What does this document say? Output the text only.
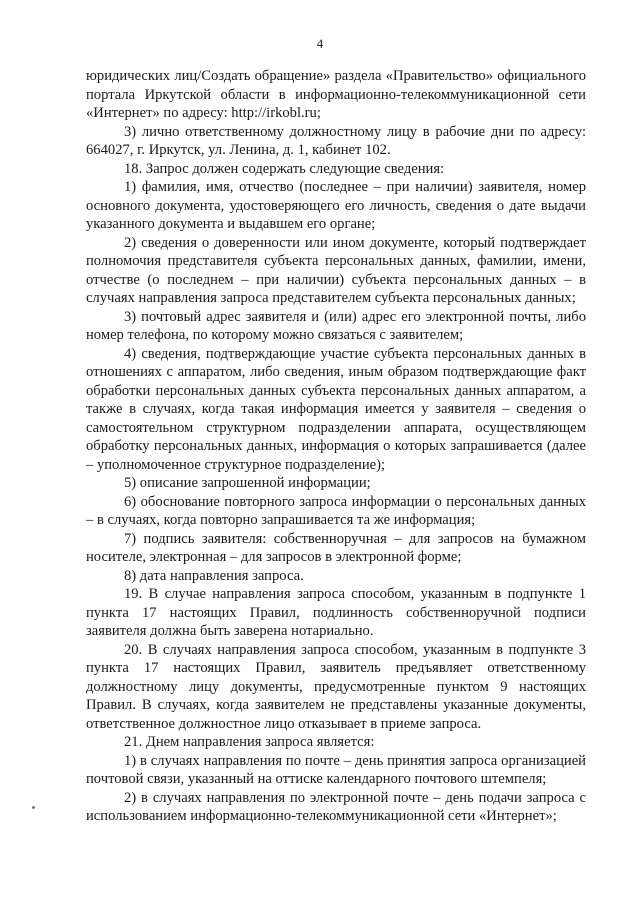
4

юридических лиц/Создать обращение» раздела «Правительство» официального портала Иркутской области в информационно-телекоммуникационной сети «Интернет» по адресу: http://irkobl.ru;

3) лично ответственному должностному лицу в рабочие дни по адресу: 664027, г. Иркутск, ул. Ленина, д. 1, кабинет 102.

18. Запрос должен содержать следующие сведения:

1) фамилия, имя, отчество (последнее – при наличии) заявителя, номер основного документа, удостоверяющего его личность, сведения о дате выдачи указанного документа и выдавшем его органе;

2) сведения о доверенности или ином документе, который подтверждает полномочия представителя субъекта персональных данных, фамилии, имени, отчестве (о последнем – при наличии) субъекта персональных данных – в случаях направления запроса представителем субъекта персональных данных;

3) почтовый адрес заявителя и (или) адрес его электронной почты, либо номер телефона, по которому можно связаться с заявителем;

4) сведения, подтверждающие участие субъекта персональных данных в отношениях с аппаратом, либо сведения, иным образом подтверждающие факт обработки персональных данных субъекта персональных данных аппаратом, а также в случаях, когда такая информация имеется у заявителя – сведения о самостоятельном структурном подразделении аппарата, осуществляющем обработку персональных данных, информация о которых запрашивается (далее – уполномоченное структурное подразделение);

5) описание запрошенной информации;

6) обоснование повторного запроса информации о персональных данных – в случаях, когда повторно запрашивается та же информация;

7) подпись заявителя: собственноручная – для запросов на бумажном носителе, электронная – для запросов в электронной форме;

8) дата направления запроса.

19. В случае направления запроса способом, указанным в подпункте 1 пункта 17 настоящих Правил, подлинность собственноручной подписи заявителя должна быть заверена нотариально.

20. В случаях направления запроса способом, указанным в подпункте 3 пункта 17 настоящих Правил, заявитель предъявляет ответственному должностному лицу документы, предусмотренные пунктом 9 настоящих Правил. В случаях, когда заявителем не представлены указанные документы, ответственное должностное лицо отказывает в приеме запроса.

21. Днем направления запроса является:

1) в случаях направления по почте – день принятия запроса организацией почтовой связи, указанный на оттиске календарного почтового штемпеля;

2) в случаях направления по электронной почте – день подачи запроса с использованием информационно-телекоммуникационной сети «Интернет»;
